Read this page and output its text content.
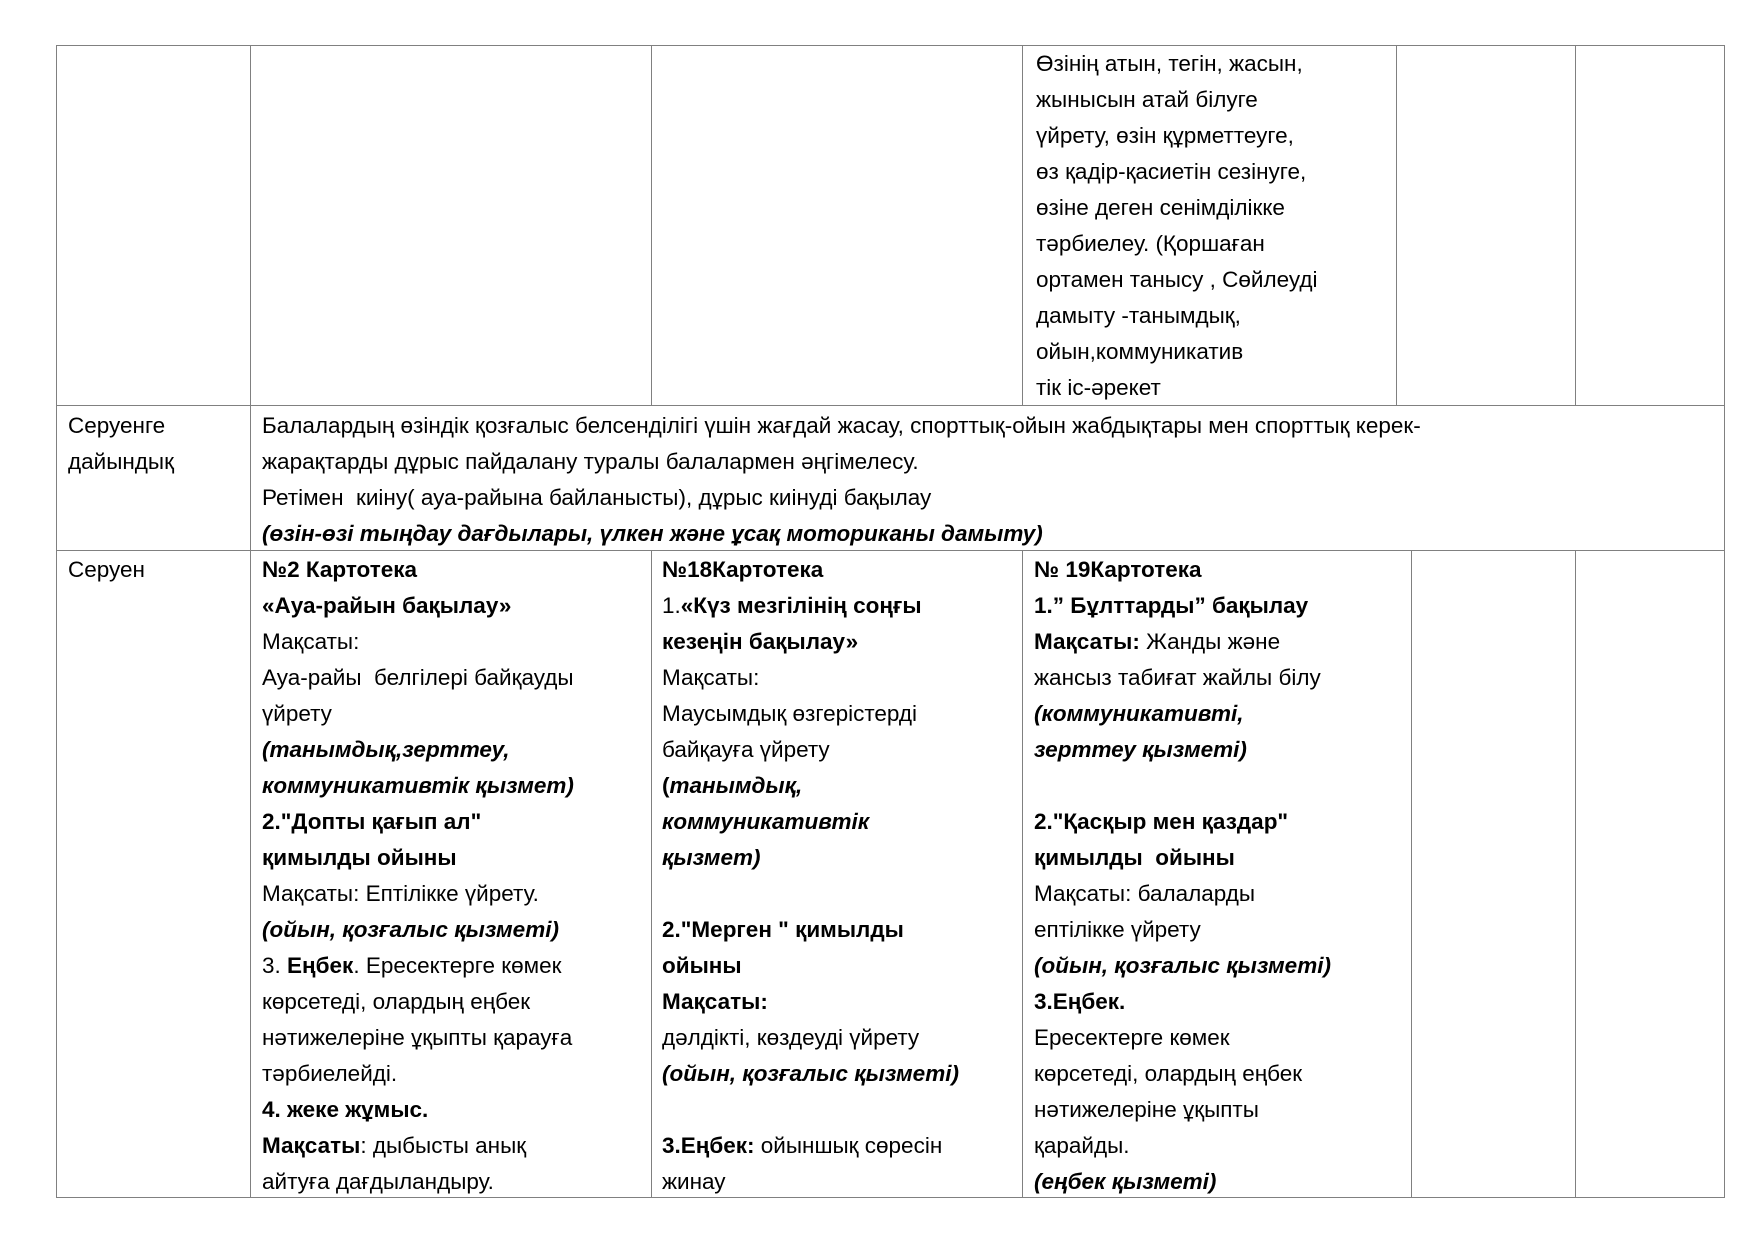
Өзінің атын, тегін, жасын,
жынысын атай білуге
үйрету, өзін құрметтеуге,
өз қадір-қасиетін сезінуге,
өзіне деген сенімділікке
тәрбиелеу. (Қоршаған
ортамен танысу , Сөйлеуді
дамыту -танымдық,
ойын,коммуникатив
тік іс-әрекет
Серуенге
дайындық
Балалардың өзіндік қозғалыс белсенділігі үшін жағдай жасау, спорттық-ойын жабдықтары мен спорттық керек-
жарақтарды дұрыс пайдалану туралы балалармен әңгімелесу.
Ретімен  киіну( ауа-райына байланысты), дұрыс киінуді бақылау
(өзін-өзі тыңдау дағдылары, үлкен және ұсақ моториканы дамыту)
Серуен	№2 Картотека
«Ауа-райын бақылау»
Мақсаты:
Ауа-райы  белгілері байқауды
үйрету
(танымдық,зерттеу,
коммуникативтік қызмет)
2."Допты қағып ал"
қимылды ойыны
Мақсаты: Ептілікке үйрету.
(ойын, қозғалыс қызметі)
3. Еңбек. Ересектерге көмек
көрсетеді, олардың еңбек
нәтижелеріне ұқыпты қарауға
тәрбиелейді.
4. жеке жұмыс.
Мақсаты: дыбысты анық
айтуға дағдыландыру.
№18Картотека
1.«Күз мезгілінің соңғы
кезеңін бақылау»
Мақсаты:
Маусымдық өзгерістерді
байқауға үйрету
(танымдық,
коммуникативтік
қызмет)
2."Мерген " қимылды
ойыны
Мақсаты:
дәлдікті, көздеуді үйрету
(ойын, қозғалыс қызметі)
3.Еңбек: ойыншық сөресін
жинау
№ 19Картотека
1.” Бұлттарды” бақылау
Мақсаты: Жанды және
жансыз табиғат жайлы білу
(коммуникативті,
зерттеу қызметі)
2."Қасқыр мен қаздар"
қимылды  ойыны
Мақсаты: балаларды
ептілікке үйрету
(ойын, қозғалыс қызметі)
3.Еңбек.
Ересектерге көмек
көрсетеді, олардың еңбек
нәтижелеріне ұқыпты
қарайды.
(еңбек қызметі)
